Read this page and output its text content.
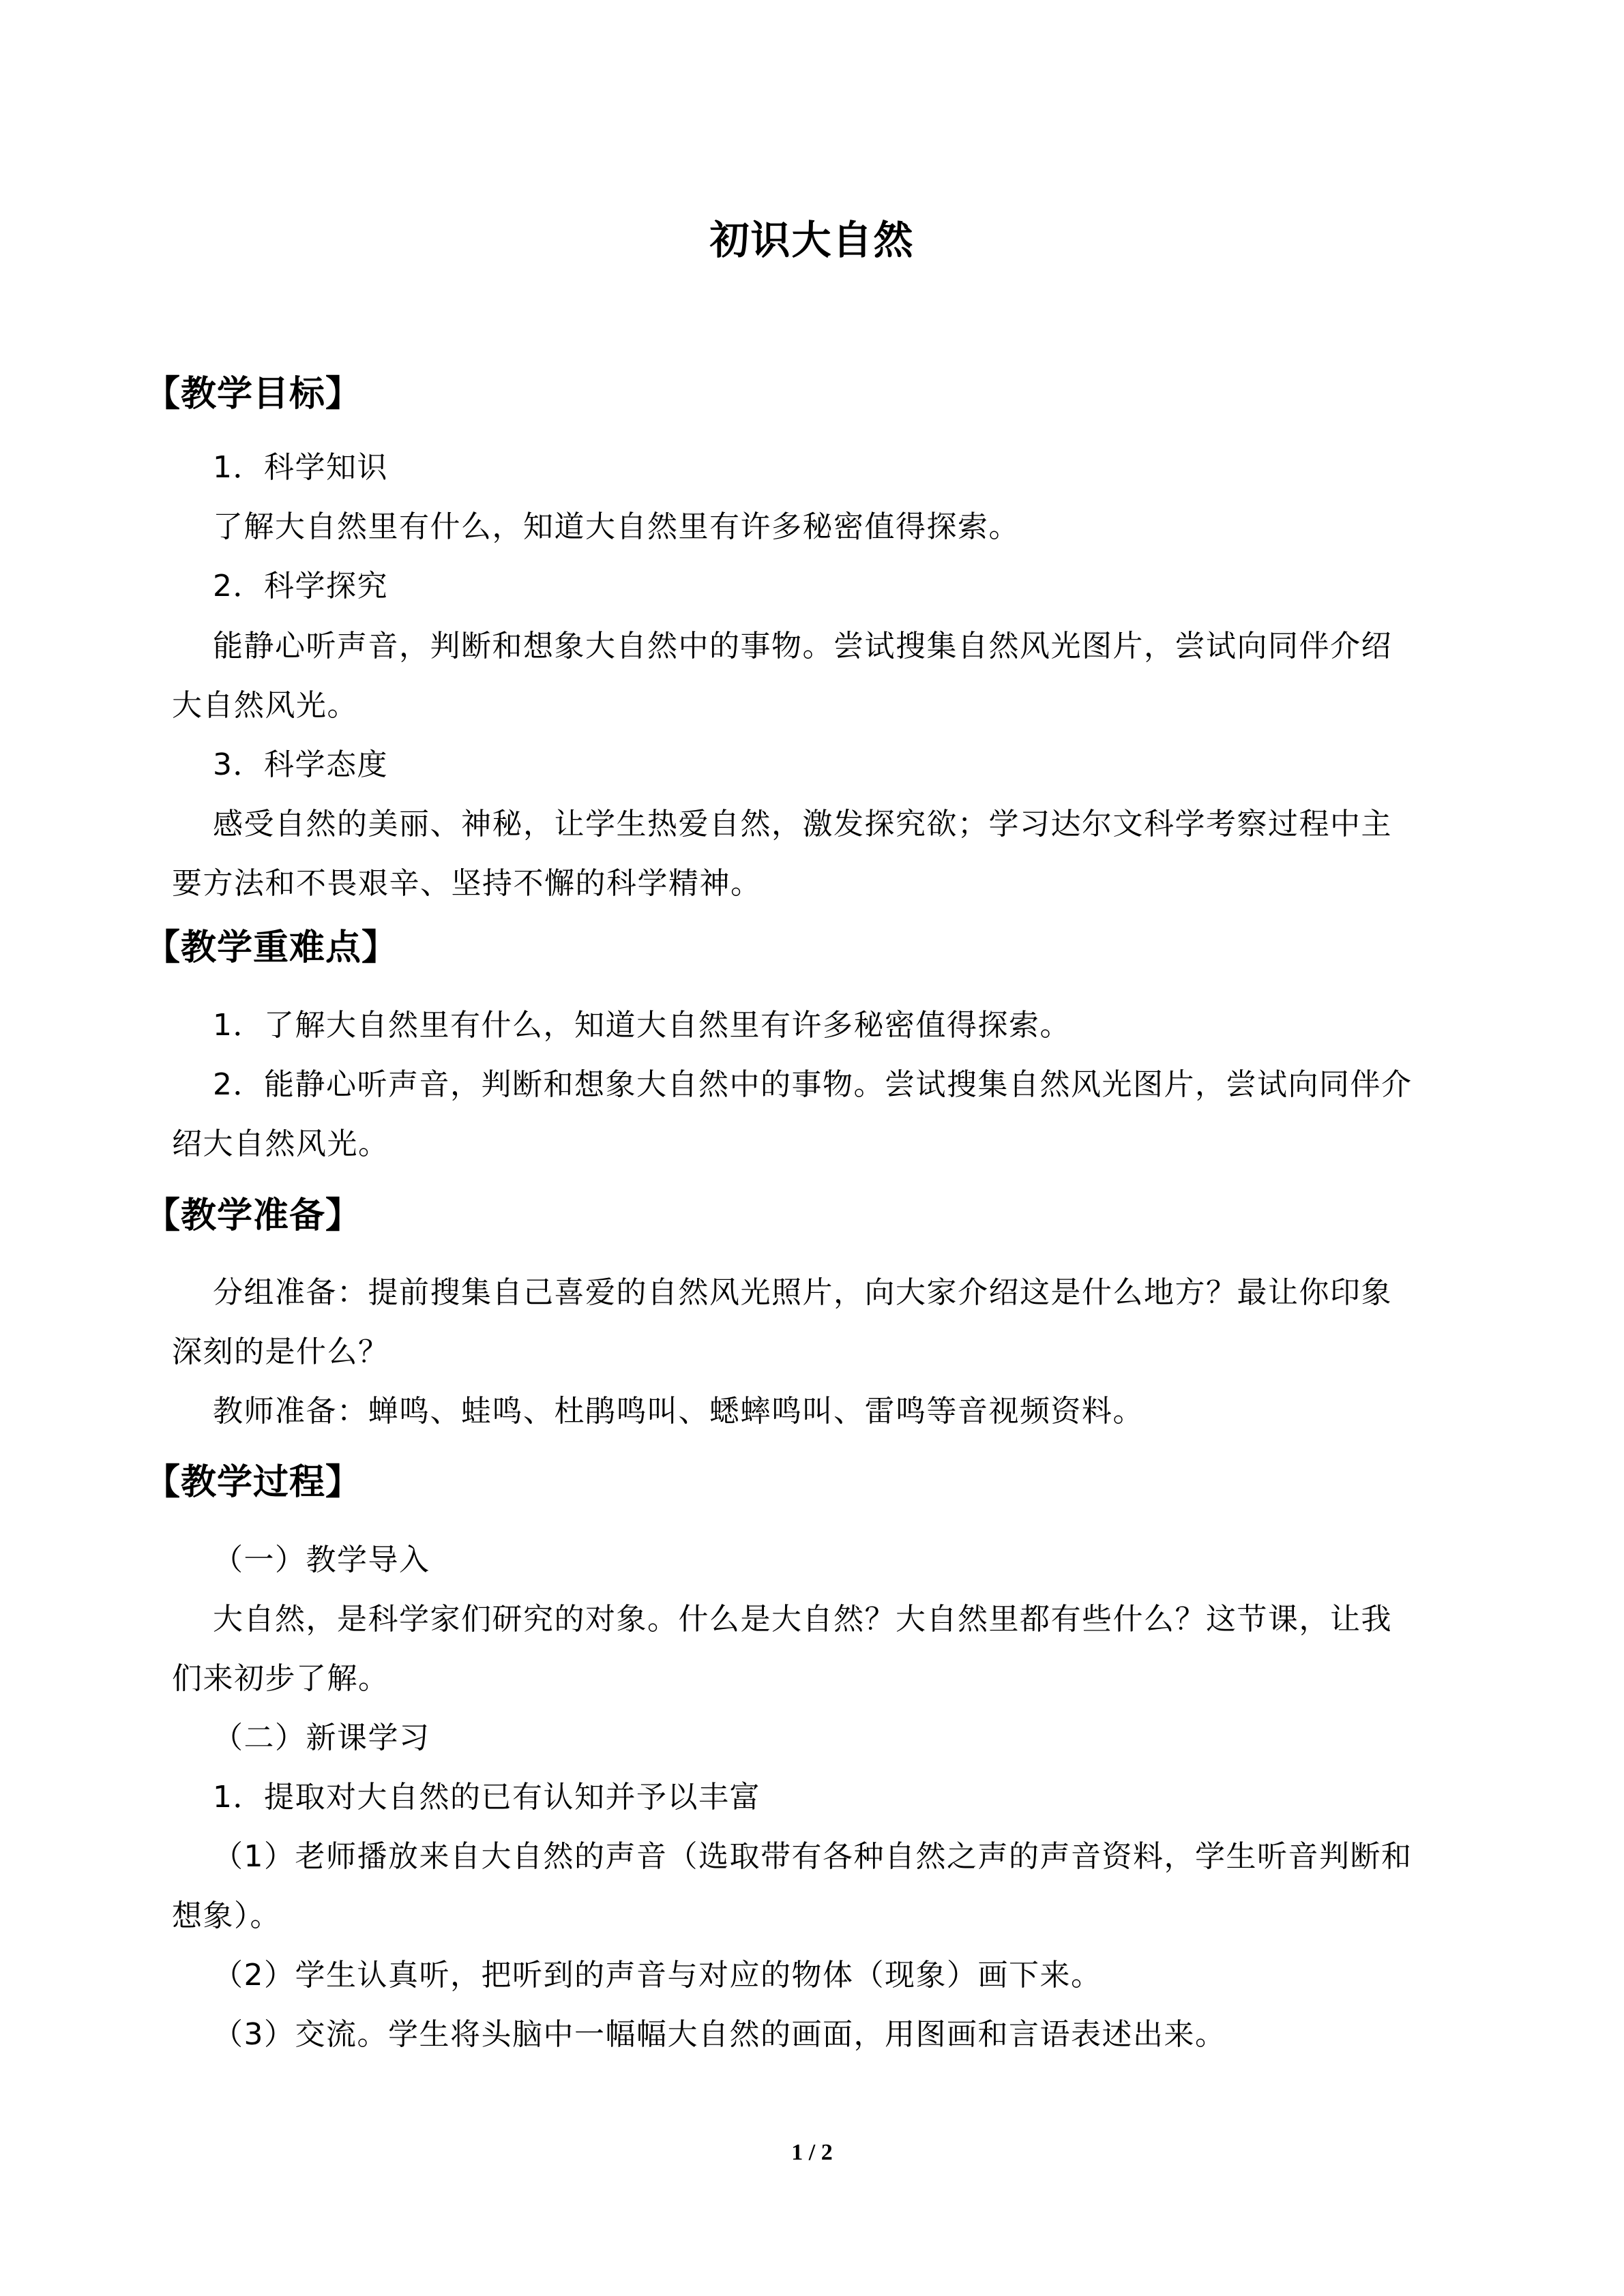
初识大自然
【教学目标】
1．科学知识
了解大自然里有什么，知道大自然里有许多秘密值得探索。
2．科学探究
能静心听声音，判断和想象大自然中的事物。尝试搜集自然风光图片，尝试向同伴介绍
大自然风光。
3．科学态度
感受自然的美丽、神秘，让学生热爱自然，激发探究欲；学习达尔文科学考察过程中主
要方法和不畏艰辛、坚持不懈的科学精神。
【教学重难点】
1．了解大自然里有什么，知道大自然里有许多秘密值得探索。
2．能静心听声音，判断和想象大自然中的事物。尝试搜集自然风光图片，尝试向同伴介
绍大自然风光。
【教学准备】
分组准备：提前搜集自己喜爱的自然风光照片，向大家介绍这是什么地方？最让你印象
深刻的是什么？
教师准备：蝉鸣、蛙鸣、杜鹃鸣叫、蟋蟀鸣叫、雷鸣等音视频资料。
【教学过程】
（一）教学导入
大自然，是科学家们研究的对象。什么是大自然？大自然里都有些什么？这节课，让我
们来初步了解。
（二）新课学习
1．提取对大自然的已有认知并予以丰富
（1）老师播放来自大自然的声音（选取带有各种自然之声的声音资料，学生听音判断和
想象）。
（2）学生认真听，把听到的声音与对应的物体（现象）画下来。
（3）交流。学生将头脑中一幅幅大自然的画面，用图画和言语表述出来。
1 / 2
